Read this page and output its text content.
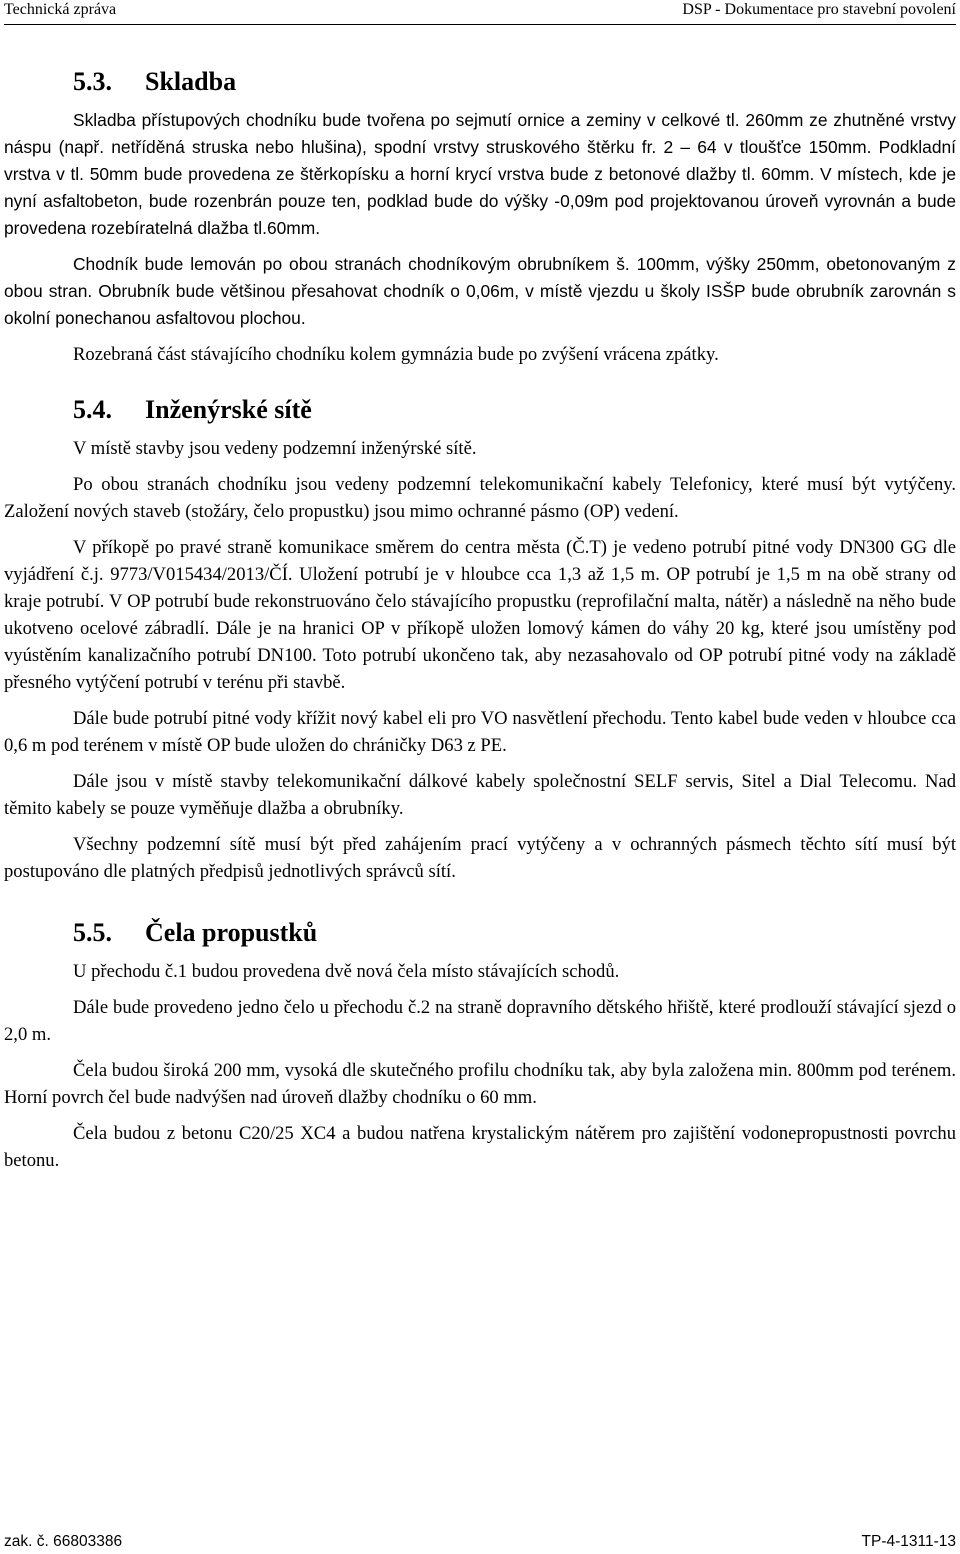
Technická zpráva	DSP - Dokumentace pro stavební povolení
5.3. Skladba

Skladba přístupových chodníku bude tvořena po sejmutí ornice a zeminy v celkové tl. 260mm ze zhutněné vrstvy náspu (např. netříděná struska nebo hlušina), spodní vrstvy struskového štěrku fr. 2 – 64 v tloušťce 150mm. Podkladní vrstva v tl. 50mm bude provedena ze štěrkopísku a horní krycí vrstva bude z betonové dlažby tl. 60mm. V místech, kde je nyní asfaltobeton, bude rozenbrán pouze ten, podklad bude do výšky -0,09m pod projektovanou úroveň vyrovnán a bude provedena rozebíratelná dlažba tl.60mm.

Chodník bude lemován po obou stranách chodníkovým obrubníkem š. 100mm, výšky 250mm, obetonovaným z obou stran. Obrubník bude většinou přesahovat chodník o 0,06m, v místě vjezdu u školy ISŠP bude obrubník zarovnán s okolní ponechanou asfaltovou plochou.

Rozebraná část stávajícího chodníku kolem gymnázia bude po zvýšení vrácena zpátky.

5.4. Inženýrské sítě

V místě stavby jsou vedeny podzemní inženýrské sítě.

Po obou stranách chodníku jsou vedeny podzemní telekomunikační kabely Telefonicy, které musí být vytýčeny. Založení nových staveb (stožáry, čelo propustku) jsou mimo ochranné pásmo (OP) vedení.

V příkopě po pravé straně komunikace směrem do centra města (Č.T) je vedeno potrubí pitné vody DN300 GG dle vyjádření č.j. 9773/V015434/2013/ČÍ. Uložení potrubí je v hloubce cca 1,3 až 1,5 m. OP potrubí je 1,5 m na obě strany od kraje potrubí. V OP potrubí bude rekonstruováno čelo stávajícího propustku (reprofilační malta, nátěr) a následně na něho bude ukotveno ocelové zábradlí. Dále je na hranici OP v příkopě uložen lomový kámen do váhy 20 kg, které jsou umístěny pod vyústěním kanalizačního potrubí DN100. Toto potrubí ukončeno tak, aby nezasahovalo od OP potrubí pitné vody na základě přesného vytýčení potrubí v terénu při stavbě.

Dále bude potrubí pitné vody křížit nový kabel eli pro VO nasvětlení přechodu. Tento kabel bude veden v hloubce cca 0,6 m pod terénem v místě OP bude uložen do chráničky D63 z PE.

Dále jsou v místě stavby telekomunikační dálkové kabely společnostní SELF servis, Sitel a Dial Telecomu. Nad těmito kabely se pouze vyměňuje dlažba a obrubníky.

Všechny podzemní sítě musí být před zahájením prací vytýčeny a v ochranných pásmech těchto sítí musí být postupováno dle platných předpisů jednotlivých správců sítí.

5.5. Čela propustků

U přechodu č.1 budou provedena dvě nová čela místo stávajících schodů.

Dále bude provedeno jedno čelo u přechodu č.2 na straně dopravního dětského hřiště, které prodlouží stávající sjezd o 2,0 m.

Čela budou široká 200 mm, vysoká dle skutečného profilu chodníku tak, aby byla založena min. 800mm pod terénem. Horní povrch čel bude nadvýšen nad úroveň dlažby chodníku o 60 mm.

Čela budou z betonu C20/25 XC4 a budou natřena krystalickým nátěrem pro zajištění vodonepropustnosti povrchu betonu.

zak. č. 66803386	TP-4-1311-13
